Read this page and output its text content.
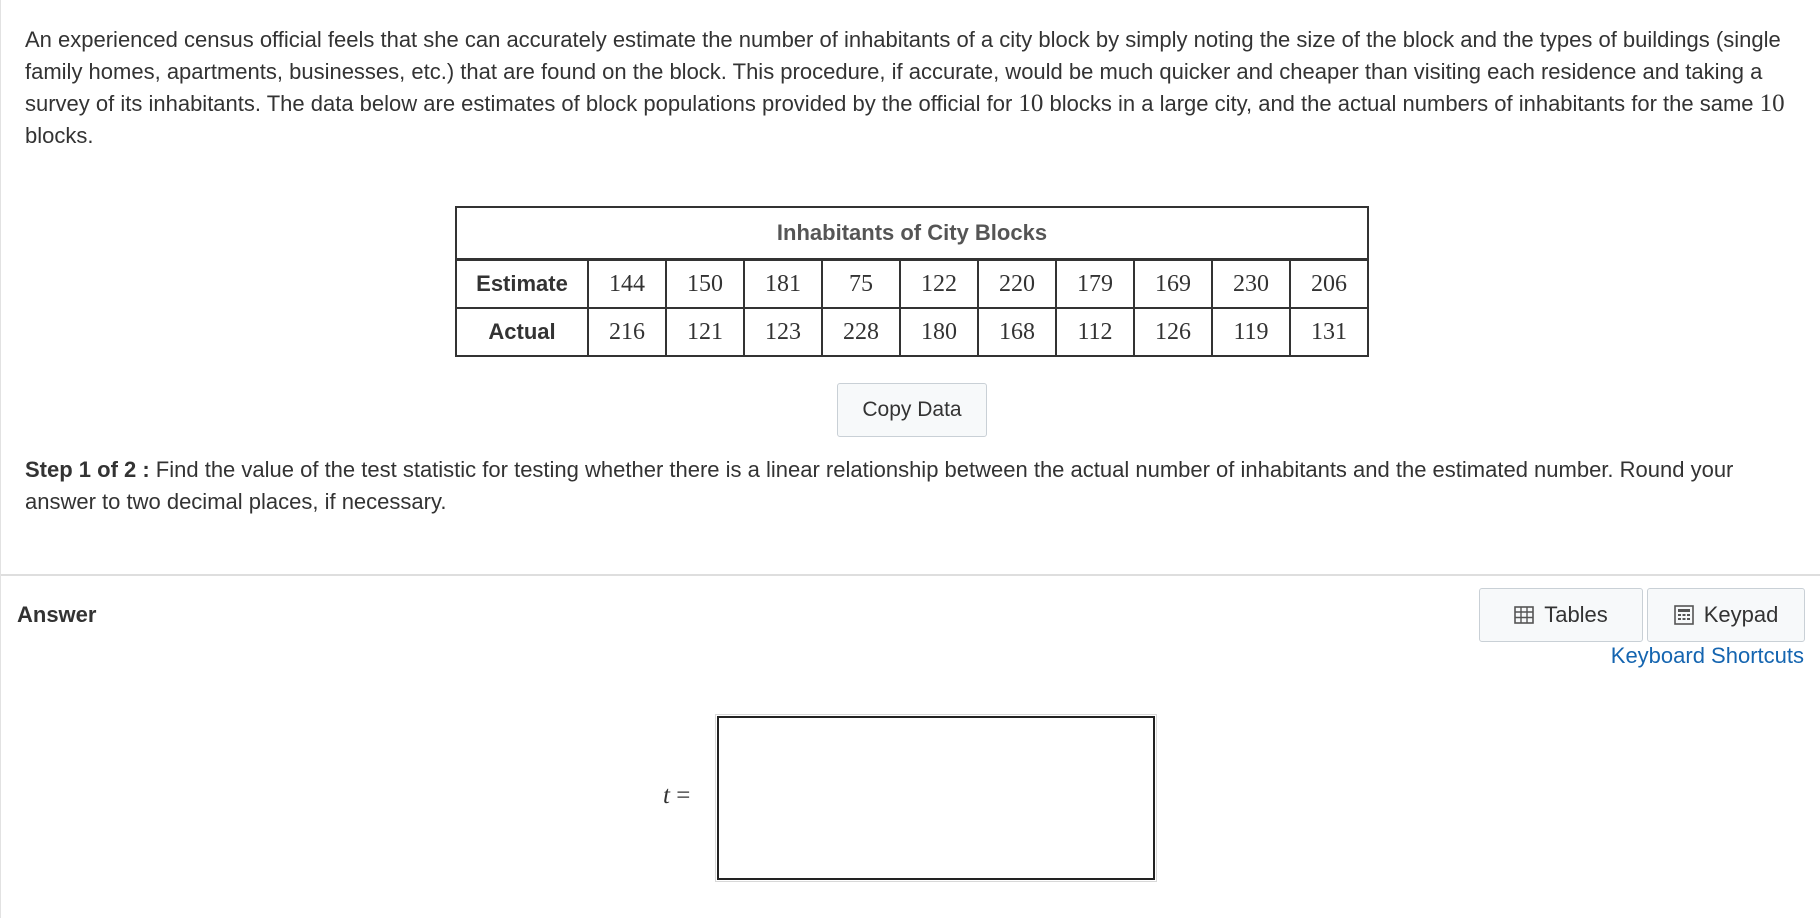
An experienced census official feels that she can accurately estimate the number of inhabitants of a city block by simply noting the size of the block and the types of buildings (single family homes, apartments, businesses, etc.) that are found on the block. This procedure, if accurate, would be much quicker and cheaper than visiting each residence and taking a survey of its inhabitants. The data below are estimates of block populations provided by the official for 10 blocks in a large city, and the actual numbers of inhabitants for the same 10 blocks.
Inhabitants of City Blocks										
Estimate	144	150	181	75	122	220	179	169	230	206
Actual	216	121	123	228	180	168	112	126	119	131
Copy Data
Step 1 of 2 : Find the value of the test statistic for testing whether there is a linear relationship between the actual number of inhabitants and the estimated number. Round your answer to two decimal places, if necessary.
Answer	Tables	Keypad
Keyboard Shortcuts
t =
